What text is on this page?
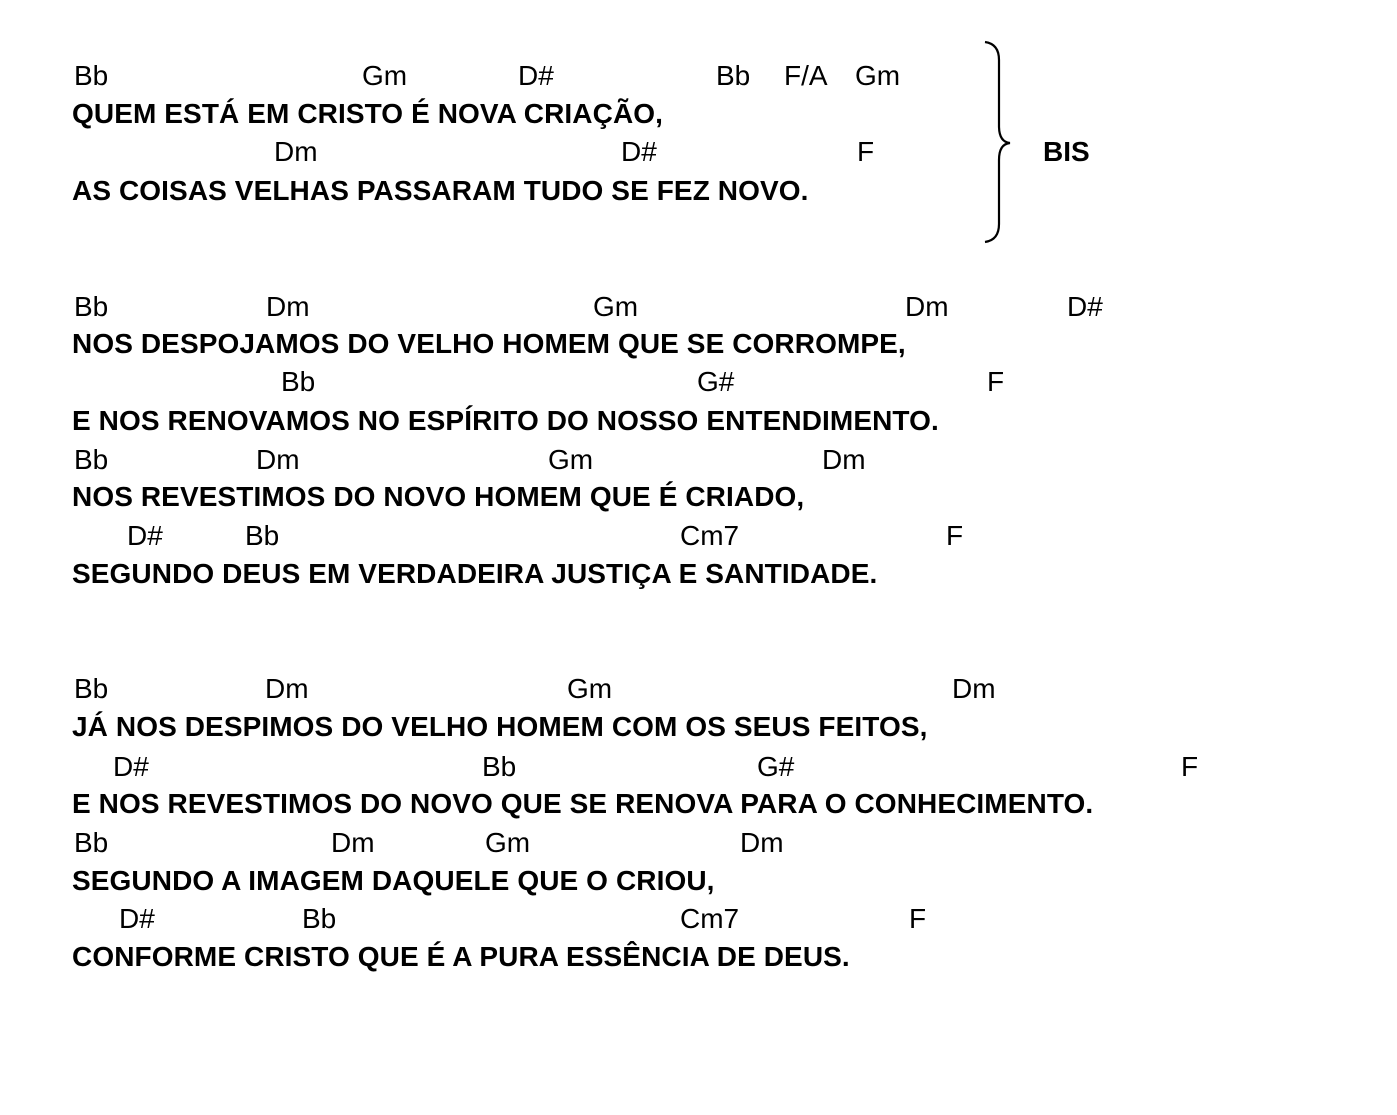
Bb	Gm	D#	Bb F/A Gm
QUEM ESTÁ EM CRISTO É NOVA CRIAÇÃO,
Dm	D#	F
AS COISAS VELHAS PASSARAM TUDO SE FEZ NOVO.
BIS
Bb	Dm	Gm	Dm	D#
NOS DESPOJAMOS DO VELHO HOMEM QUE SE CORROMPE,
Bb	G#	F
E NOS RENOVAMOS NO ESPÍRITO DO NOSSO ENTENDIMENTO.
Bb	Dm	Gm	Dm
NOS REVESTIMOS DO NOVO HOMEM QUE É CRIADO,
D#	Bb	Cm7	F
SEGUNDO DEUS EM VERDADEIRA JUSTIÇA E SANTIDADE.
Bb	Dm	Gm	Dm
JÁ NOS DESPIMOS DO VELHO HOMEM COM OS SEUS FEITOS,
D#	Bb	G#	F
E NOS REVESTIMOS DO NOVO QUE SE RENOVA PARA O CONHECIMENTO.
Bb	Dm	Gm	Dm
SEGUNDO A IMAGEM DAQUELE QUE O CRIOU,
D#	Bb	Cm7	F
CONFORME CRISTO QUE É A PURA ESSÊNCIA DE DEUS.
